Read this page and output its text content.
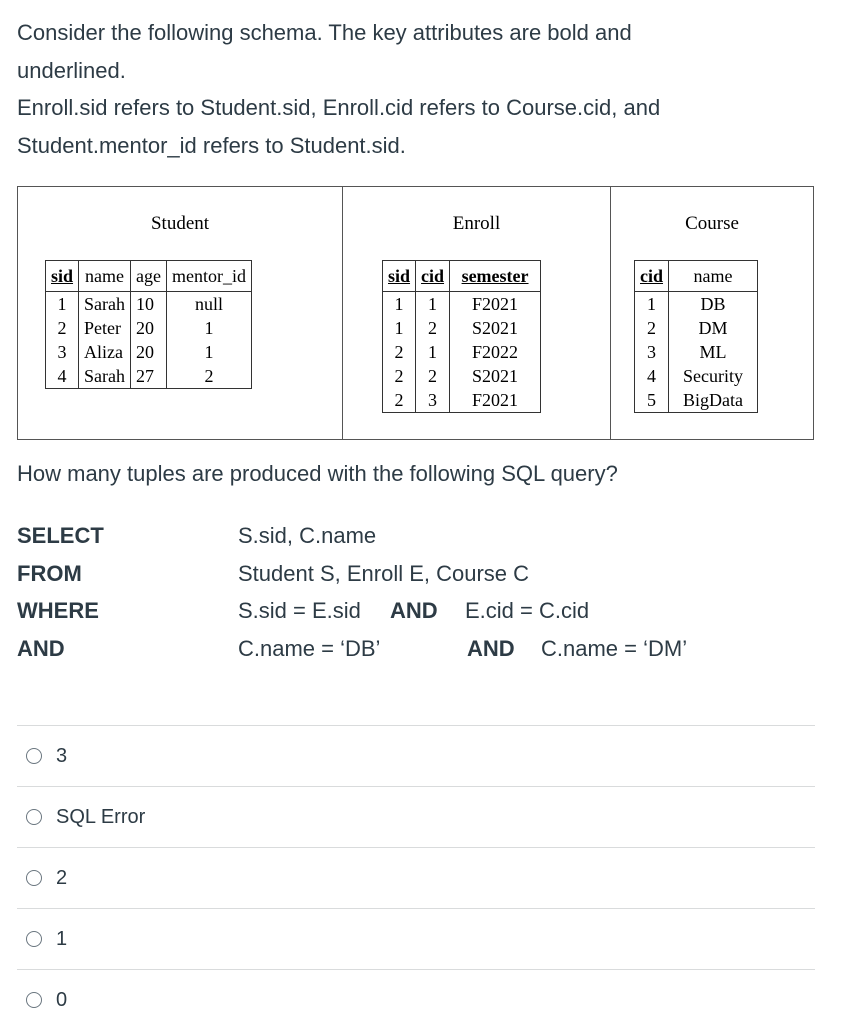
Consider the following schema. The key attributes are bold and

underlined.

Enroll.sid refers to Student.sid, Enroll.cid refers to Course.cid, and

Student.mentor_id refers to Student.sid.

Student
sid	name	age	mentor_id
1	Sarah	10	null
2	Peter	20	1
3	Aliza	20	1
4	Sarah	27	2
Enroll
sid	cid	semester
1	1	F2021
1	2	S2021
2	1	F2022
2	2	S2021
2	3	F2021
Course
cid	name
1	DB
2	DM
3	ML
4	Security
5	BigData
How many tuples are produced with the following SQL query?
SELECT	S.sid, C.name
FROM	Student S, Enroll E, Course C
WHERE	S.sid = E.sid AND E.cid = C.cid
AND	C.name = ‘DB’	AND C.name = ‘DM’
3
SQL Error
2
1
0
